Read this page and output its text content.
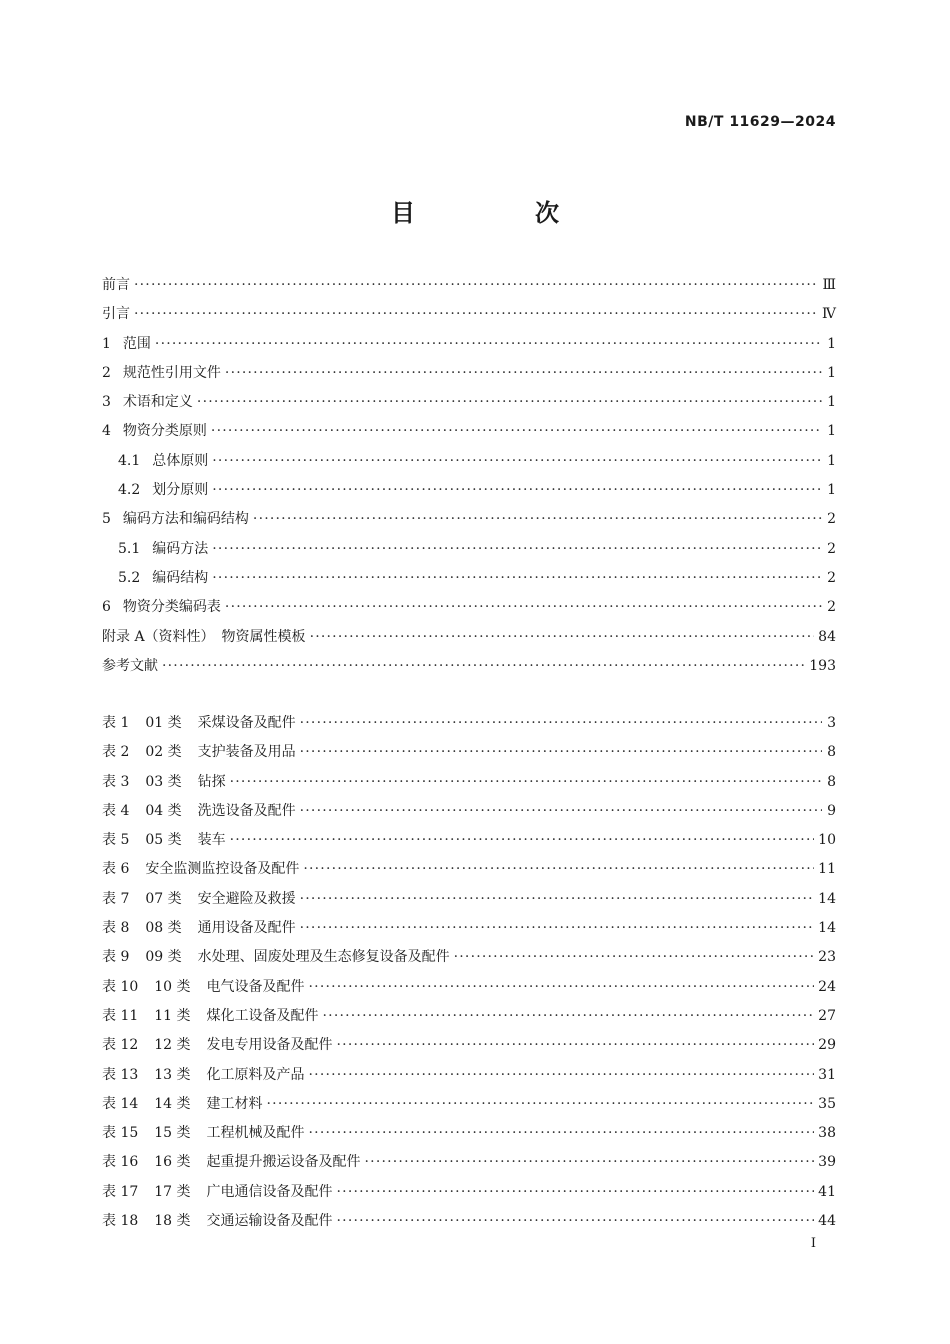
NB/T 11629—2024
目　次
前言 ·····	Ⅲ
引言 ·····	Ⅳ
1 范围 ·····	1
2 规范性引用文件 ·····	1
3 术语和定义 ·····	1
4 物资分类原则 ·····	1
4.1 总体原则 ·····	1
4.2 划分原则 ·····	1
5 编码方法和编码结构 ·····	2
5.1 编码方法 ·····	2
5.2 编码结构 ·····	2
6 物资分类编码表 ·····	2
附录 A（资料性）　物资属性模板 ·····	84
参考文献 ·····	193
表 1 01 类 采煤设备及配件 ·····	3
表 2 02 类 支护装备及用品 ·····	8
表 3 03 类 钻探 ·····	8
表 4 04 类 洗选设备及配件 ·····	9
表 5 05 类 装车 ·····	10
表 6 安全监测监控设备及配件 ·····	11
表 7 07 类 安全避险及救援 ·····	14
表 8 08 类 通用设备及配件 ·····	14
表 9 09 类 水处理、固废处理及生态修复设备及配件 ·····	23
表 10 10 类 电气设备及配件 ·····	24
表 11 11 类 煤化工设备及配件 ·····	27
表 12 12 类 发电专用设备及配件 ·····	29
表 13 13 类 化工原料及产品 ·····	31
表 14 14 类 建工材料 ·····	35
表 15 15 类 工程机械及配件 ·····	38
表 16 16 类 起重提升搬运设备及配件 ·····	39
表 17 17 类 广电通信设备及配件 ·····	41
表 18 18 类 交通运输设备及配件 ·····	44
I
